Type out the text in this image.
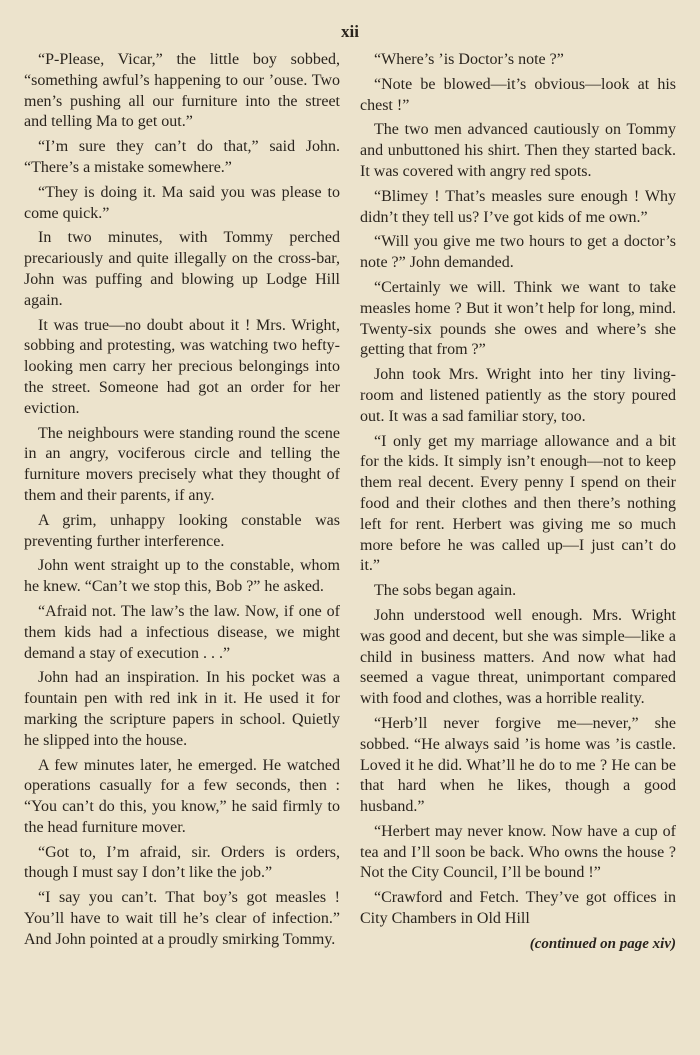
xii

“P-Please, Vicar,” the little boy sobbed, “something awful’s happening to our ’ouse. Two men’s pushing all our furniture into the street and telling Ma to get out.”

“I’m sure they can’t do that,” said John. “There’s a mistake somewhere.”

“They is doing it. Ma said you was please to come quick.”

In two minutes, with Tommy perched precariously and quite illegally on the cross-bar, John was puffing and blowing up Lodge Hill again.

It was true—no doubt about it ! Mrs. Wright, sobbing and protesting, was watching two hefty-looking men carry her precious belongings into the street. Someone had got an order for her eviction.

The neighbours were standing round the scene in an angry, vociferous circle and telling the furniture movers precisely what they thought of them and their parents, if any.

A grim, unhappy looking constable was preventing further interference.

John went straight up to the constable, whom he knew. “Can’t we stop this, Bob ?” he asked.

“Afraid not. The law’s the law. Now, if one of them kids had a infectious disease, we might demand a stay of execution . . .”

John had an inspiration. In his pocket was a fountain pen with red ink in it. He used it for marking the scripture papers in school. Quietly he slipped into the house.

A few minutes later, he emerged. He watched operations casually for a few seconds, then : “You can’t do this, you know,” he said firmly to the head furniture mover.

“Got to, I’m afraid, sir. Orders is orders, though I must say I don’t like the job.”

“I say you can’t. That boy’s got measles ! You’ll have to wait till he’s clear of infection.” And John pointed at a proudly smirking Tommy.

“Where’s ’is Doctor’s note ?”

“Note be blowed—it’s obvious—look at his chest !”

The two men advanced cautiously on Tommy and unbuttoned his shirt. Then they started back. It was covered with angry red spots.

“Blimey ! That’s measles sure enough ! Why didn’t they tell us? I’ve got kids of me own.”

“Will you give me two hours to get a doctor’s note ?” John demanded.

“Certainly we will. Think we want to take measles home ? But it won’t help for long, mind. Twenty-six pounds she owes and where’s she getting that from ?”

John took Mrs. Wright into her tiny living-room and listened patiently as the story poured out. It was a sad familiar story, too.

“I only get my marriage allowance and a bit for the kids. It simply isn’t enough—not to keep them real decent. Every penny I spend on their food and their clothes and then there’s nothing left for rent. Herbert was giving me so much more before he was called up—I just can’t do it.”

The sobs began again.

John understood well enough. Mrs. Wright was good and decent, but she was simple—like a child in business matters. And now what had seemed a vague threat, unimportant compared with food and clothes, was a horrible reality.

“Herb’ll never forgive me—never,” she sobbed. “He always said ’is home was ’is castle. Loved it he did. What’ll he do to me ? He can be that hard when he likes, though a good husband.”

“Herbert may never know. Now have a cup of tea and I’ll soon be back. Who owns the house ? Not the City Council, I’ll be bound !”

“Crawford and Fetch. They’ve got offices in City Chambers in Old Hill

(continued on page xiv)
